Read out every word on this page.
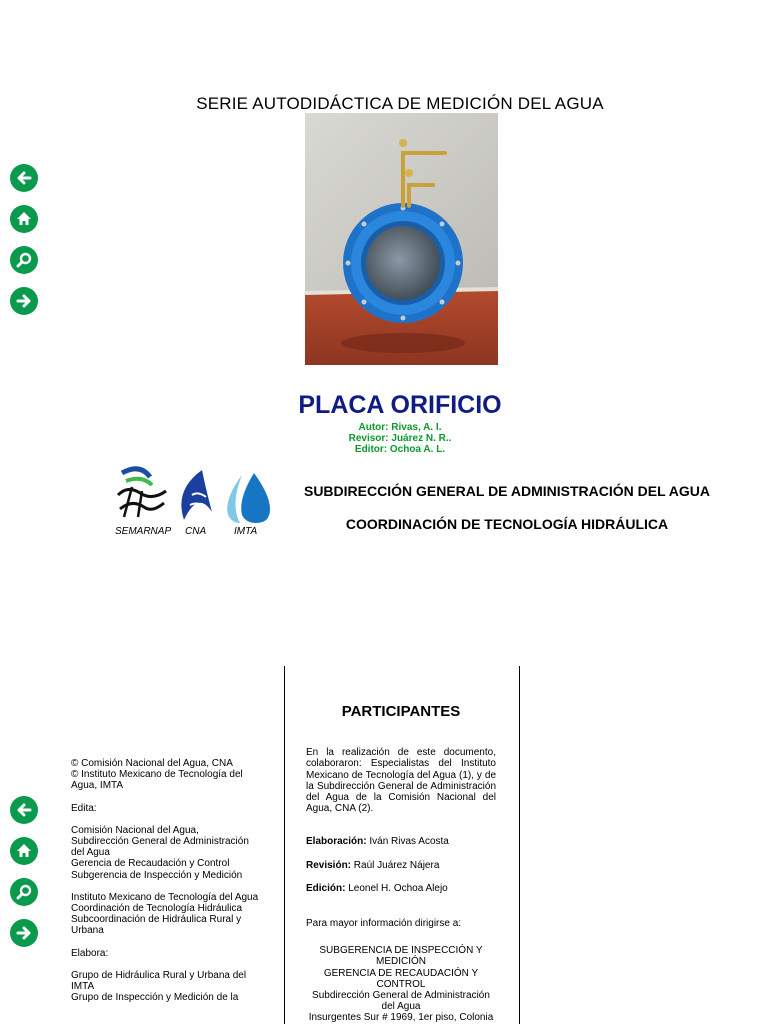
SERIE AUTODIDÁCTICA DE MEDICIÓN DEL AGUA
PLACA ORIFICIO
Autor: Rivas, A. I.
Revisor: Juárez N. R..
Editor: Ochoa A. L.
SEMARNAP CNA	IMTA
SUBDIRECCIÓN GENERAL DE ADMINISTRACIÓN DEL AGUA
COORDINACIÓN DE TECNOLOGÍA HIDRÁULICA

© Comisión Nacional del Agua, CNA
© Instituto Mexicano de Tecnología del Agua, IMTA

Edita:

Comisión Nacional del Agua,
Subdirección General de Administración del Agua
Gerencia de Recaudación y Control
Subgerencia de Inspección y Medición

Instituto Mexicano de Tecnología del Agua
Coordinación de Tecnología Hidráulica
Subcoordinación de Hidráulica Rural y Urbana

Elabora:

Grupo de Hidráulica Rural y Urbana del IMTA
Grupo de Inspección y Medición de la

PARTICIPANTES

En la realización de este documento, colaboraron: Especialistas del Instituto Mexicano de Tecnología del Agua (1), y de la Subdirección General de Administración del Agua de la Comisión Nacional del Agua, CNA (2).

Elaboración: Iván Rivas Acosta

Revisión: Raúl Juárez Nájera

Edición: Leonel H. Ochoa Alejo

Para mayor información dirigirse a:

SUBGERENCIA DE INSPECCIÓN Y MEDICIÓN
GERENCIA DE RECAUDACIÓN Y CONTROL
Subdirección General de Administración del Agua
Insurgentes Sur # 1969, 1er piso, Colonia
